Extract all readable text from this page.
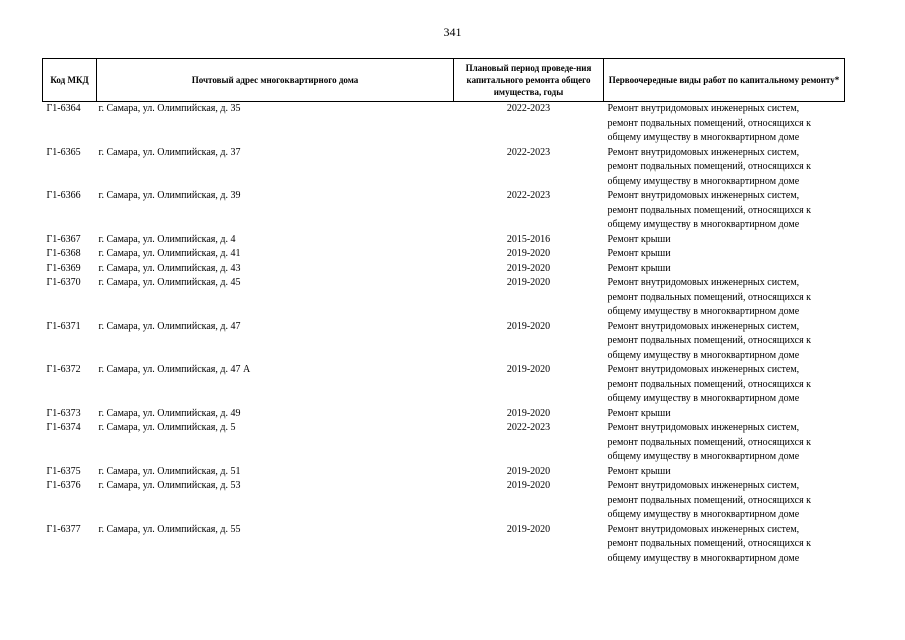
341
Код МКД	Почтовый адрес многоквартирного дома	Плановый период проведе-ния капитального ремонта общего имущества, годы	Первоочередные виды работ по капитальному ремонту*
Г1-6364	г. Самара, ул. Олимпийская, д. 35	2022-2023	Ремонт внутридомовых инженерных систем,
ремонт подвальных помещений, относящихся к
общему имуществу в многоквартирном доме

Г1-6365	г. Самара, ул. Олимпийская, д. 37	2022-2023	Ремонт внутридомовых инженерных систем,
ремонт подвальных помещений, относящихся к
общему имуществу в многоквартирном доме

Г1-6366	г. Самара, ул. Олимпийская, д. 39	2022-2023	Ремонт внутридомовых инженерных систем,
ремонт подвальных помещений, относящихся к
общему имуществу в многоквартирном доме

Г1-6367	г. Самара, ул. Олимпийская, д. 4	2015-2016	Ремонт крыши

Г1-6368	г. Самара, ул. Олимпийская, д. 41	2019-2020	Ремонт крыши

Г1-6369	г. Самара, ул. Олимпийская, д. 43	2019-2020	Ремонт крыши

Г1-6370	г. Самара, ул. Олимпийская, д. 45	2019-2020	Ремонт внутридомовых инженерных систем,
ремонт подвальных помещений, относящихся к
общему имуществу в многоквартирном доме

Г1-6371	г. Самара, ул. Олимпийская, д. 47	2019-2020	Ремонт внутридомовых инженерных систем,
ремонт подвальных помещений, относящихся к
общему имуществу в многоквартирном доме

Г1-6372	г. Самара, ул. Олимпийская, д. 47 А	2019-2020	Ремонт внутридомовых инженерных систем,
ремонт подвальных помещений, относящихся к
общему имуществу в многоквартирном доме

Г1-6373	г. Самара, ул. Олимпийская, д. 49	2019-2020	Ремонт крыши

Г1-6374	г. Самара, ул. Олимпийская, д. 5	2022-2023	Ремонт внутридомовых инженерных систем,
ремонт подвальных помещений, относящихся к
общему имуществу в многоквартирном доме

Г1-6375	г. Самара, ул. Олимпийская, д. 51	2019-2020	Ремонт крыши

Г1-6376	г. Самара, ул. Олимпийская, д. 53	2019-2020	Ремонт внутридомовых инженерных систем,
ремонт подвальных помещений, относящихся к
общему имуществу в многоквартирном доме

Г1-6377	г. Самара, ул. Олимпийская, д. 55	2019-2020	Ремонт внутридомовых инженерных систем,
ремонт подвальных помещений, относящихся к
общему имуществу в многоквартирном доме
